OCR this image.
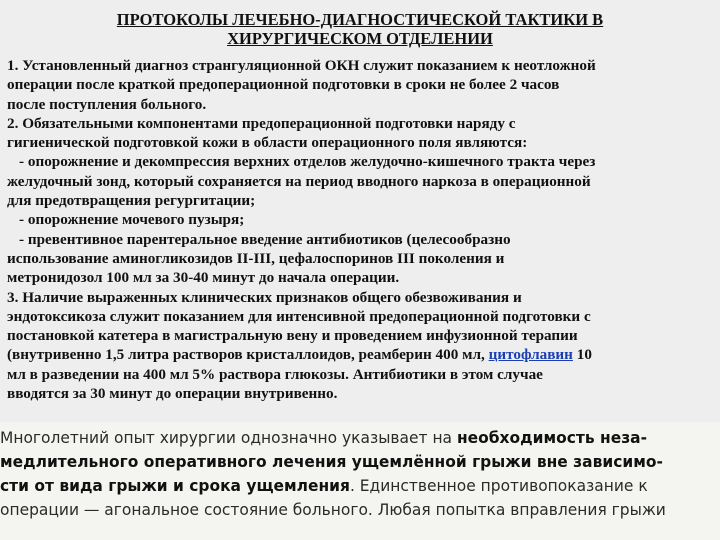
ПРОТОКОЛЫ ЛЕЧЕБНО-ДИАГНОСТИЧЕСКОЙ ТАКТИКИ В
ХИРУРГИЧЕСКОМ ОТДЕЛЕНИИ
1. Установленный диагноз странгуляционной ОКН служит показанием к неотложной
операции после краткой предоперационной подготовки в сроки не более 2 часов
после поступления больного.
2. Обязательными компонентами предоперационной подготовки наряду с
гигиенической подготовкой кожи в области операционного поля являются:
- опорожнение и декомпрессия верхних отделов желудочно-кишечного тракта через
желудочный зонд, который сохраняется на период вводного наркоза в операционной
для предотвращения регургитации;
- опорожнение мочевого пузыря;
- превентивное парентеральное введение антибиотиков (целесообразно
использование аминогликозидов II-III, цефалоспоринов III поколения и
метронидозол 100 мл за 30-40 минут до начала операции.
3. Наличие выраженных клинических признаков общего обезвоживания и
эндотоксикоза служит показанием для интенсивной предоперационной подготовки с
постановкой катетера в магистральную вену и проведением инфузионной терапии
(внутривенно 1,5 литра растворов кристаллоидов, реамберин 400 мл, цитофлавин 10
мл в разведении на 400 мл 5% раствора глюкозы. Антибиотики в этом случае
вводятся за 30 минут до операции внутривенно.
Многолетний опыт хирургии однозначно указывает на необходимость неза-
медлительного оперативного лечения ущемлённой грыжи вне зависимо-
сти от вида грыжи и срока ущемления. Единственное противопоказание к
операции — агональное состояние больного. Любая попытка вправления грыжи
